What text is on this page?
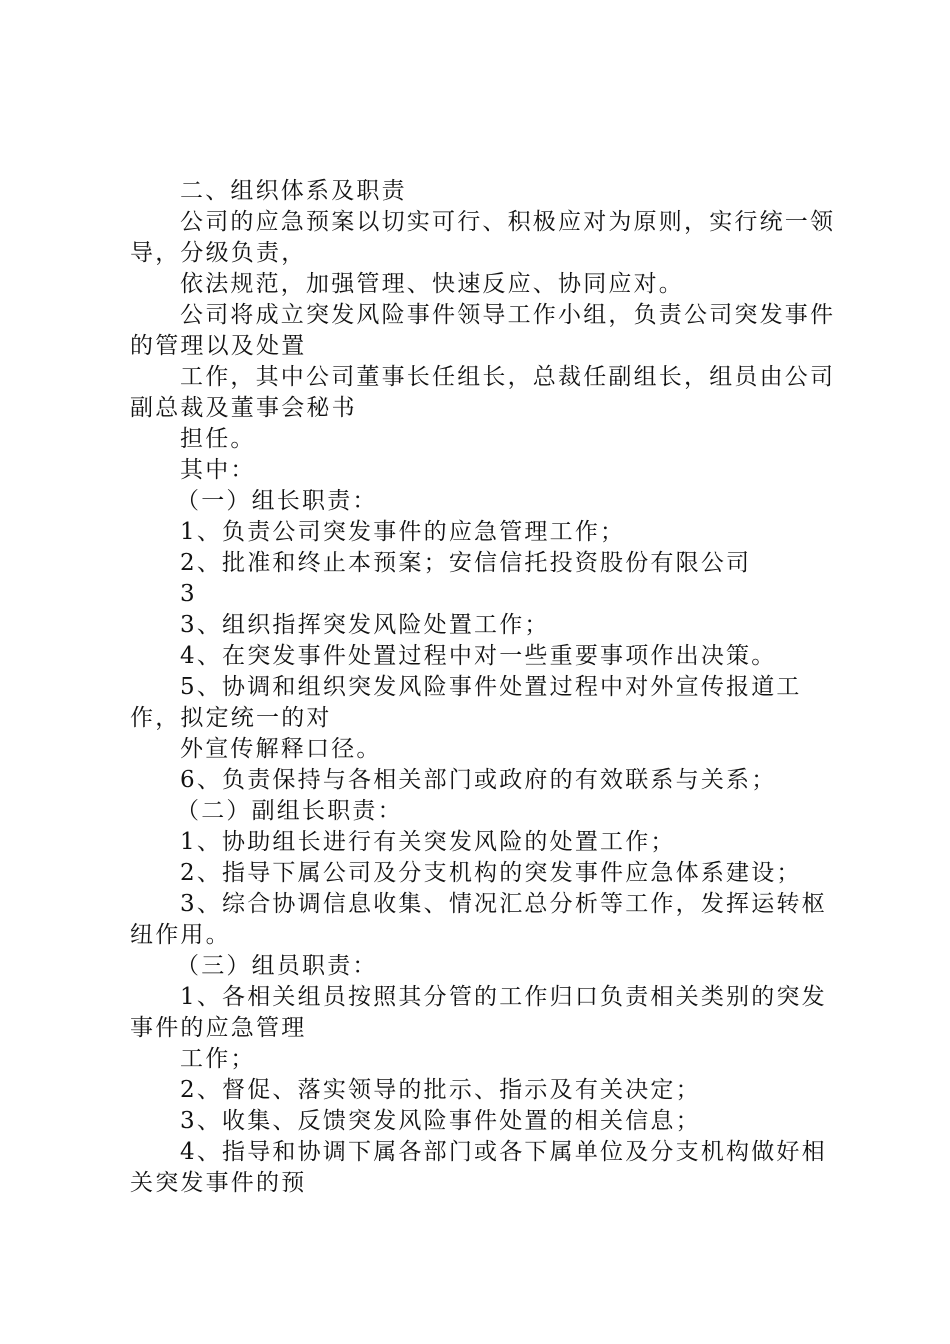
二、组织体系及职责

公司的应急预案以切实可行、积极应对为原则，实行统一领导，分级负责，

依法规范，加强管理、快速反应、协同应对。

公司将成立突发风险事件领导工作小组，负责公司突发事件的管理以及处置

工作，其中公司董事长任组长，总裁任副组长，组员由公司副总裁及董事会秘书

担任。

其中：

（一）组长职责：

1、负责公司突发事件的应急管理工作；

2、批准和终止本预案；安信信托投资股份有限公司

3

3、组织指挥突发风险处置工作；

4、在突发事件处置过程中对一些重要事项作出决策。

5、协调和组织突发风险事件处置过程中对外宣传报道工作，拟定统一的对

外宣传解释口径。

6、负责保持与各相关部门或政府的有效联系与关系；

（二）副组长职责：

1、协助组长进行有关突发风险的处置工作；

2、指导下属公司及分支机构的突发事件应急体系建设；

3、综合协调信息收集、情况汇总分析等工作，发挥运转枢纽作用。

（三）组员职责：

1、各相关组员按照其分管的工作归口负责相关类别的突发事件的应急管理

工作；

2、督促、落实领导的批示、指示及有关决定；

3、收集、反馈突发风险事件处置的相关信息；

4、指导和协调下属各部门或各下属单位及分支机构做好相关突发事件的预
